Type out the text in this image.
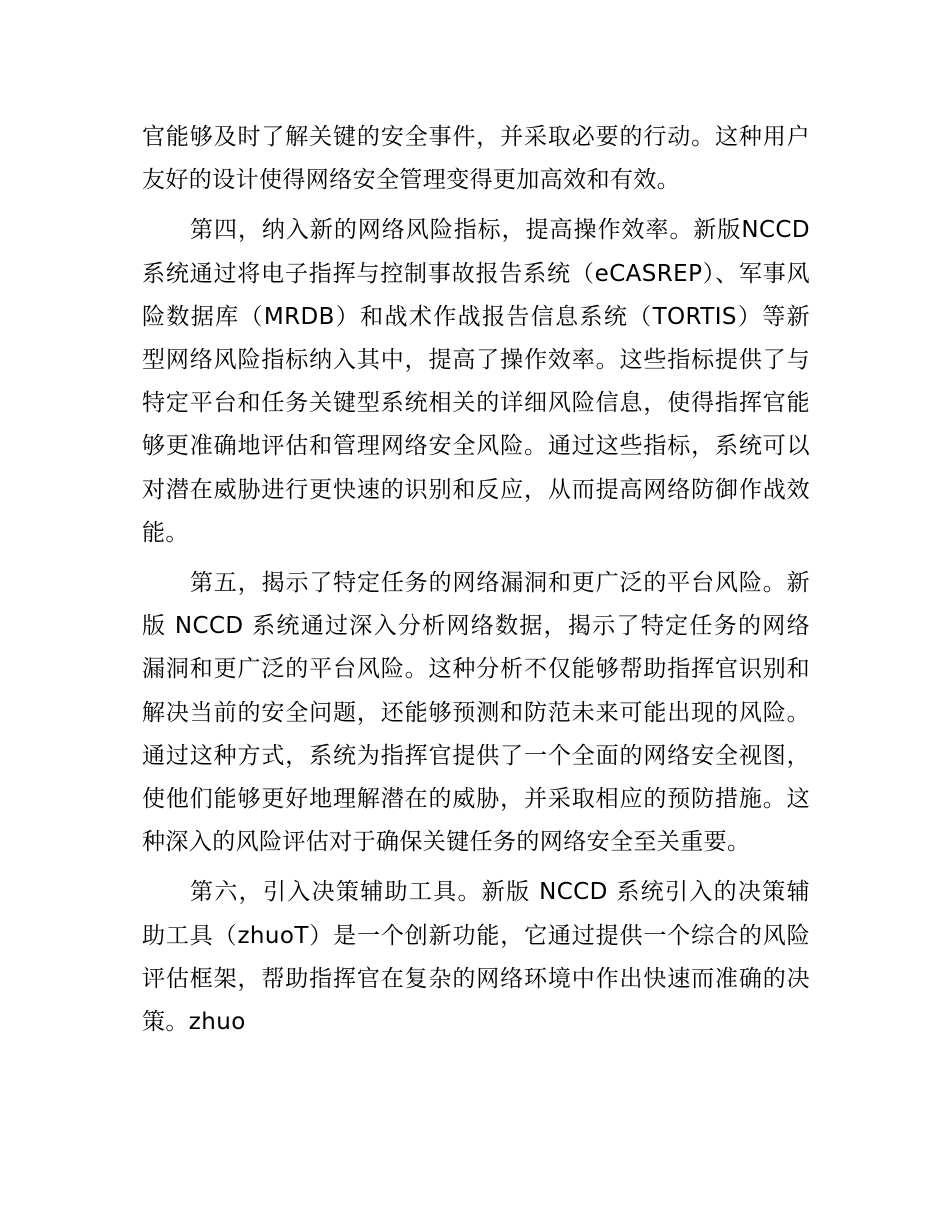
官能够及时了解关键的安全事件，并采取必要的行动。这种用户友好的设计使得网络安全管理变得更加高效和有效。

第四，纳入新的网络风险指标，提高操作效率。新版NCCD 系统通过将电子指挥与控制事故报告系统（eCASREP）、军事风险数据库（MRDB）和战术作战报告信息系统（TORTIS）等新型网络风险指标纳入其中，提高了操作效率。这些指标提供了与特定平台和任务关键型系统相关的详细风险信息，使得指挥官能够更准确地评估和管理网络安全风险。通过这些指标，系统可以对潜在威胁进行更快速的识别和反应，从而提高网络防御作战效能。

第五，揭示了特定任务的网络漏洞和更广泛的平台风险。新版 NCCD 系统通过深入分析网络数据，揭示了特定任务的网络漏洞和更广泛的平台风险。这种分析不仅能够帮助指挥官识别和解决当前的安全问题，还能够预测和防范未来可能出现的风险。通过这种方式，系统为指挥官提供了一个全面的网络安全视图，使他们能够更好地理解潜在的威胁，并采取相应的预防措施。这种深入的风险评估对于确保关键任务的网络安全至关重要。

第六，引入决策辅助工具。新版 NCCD 系统引入的决策辅助工具（zhuoT）是一个创新功能，它通过提供一个综合的风险评估框架，帮助指挥官在复杂的网络环境中作出快速而准确的决策。zhuo
